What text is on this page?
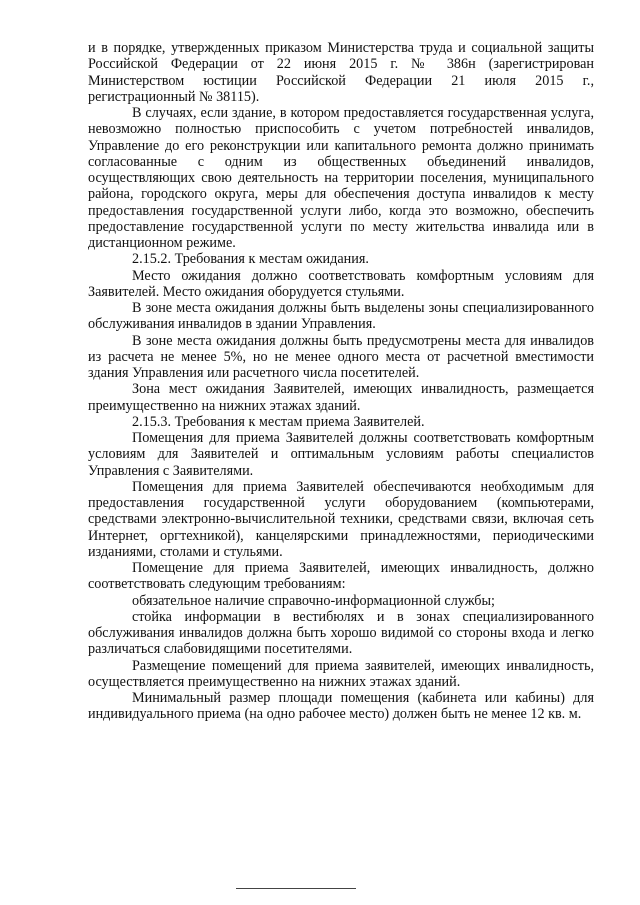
и в порядке, утвержденных приказом Министерства труда и социальной защиты Российской Федерации от 22 июня 2015 г. № 386н (зарегистрирован Министерством юстиции Российской Федерации 21 июля 2015 г., регистрационный № 38115).

В случаях, если здание, в котором предоставляется государственная услуга, невозможно полностью приспособить с учетом потребностей инвалидов, Управление до его реконструкции или капитального ремонта должно принимать согласованные с одним из общественных объединений инвалидов, осуществляющих свою деятельность на территории поселения, муниципального района, городского округа, меры для обеспечения доступа инвалидов к месту предоставления государственной услуги либо, когда это возможно, обеспечить предоставление государственной услуги по месту жительства инвалида или в дистанционном режиме.

2.15.2. Требования к местам ожидания.

Место ожидания должно соответствовать комфортным условиям для Заявителей. Место ожидания оборудуется стульями.

В зоне места ожидания должны быть выделены зоны специализированного обслуживания инвалидов в здании Управления.

В зоне места ожидания должны быть предусмотрены места для инвалидов из расчета не менее 5%, но не менее одного места от расчетной вместимости здания Управления или расчетного числа посетителей.

Зона мест ожидания Заявителей, имеющих инвалидность, размещается преимущественно на нижних этажах зданий.

2.15.3. Требования к местам приема Заявителей.

Помещения для приема Заявителей должны соответствовать комфортным условиям для Заявителей и оптимальным условиям работы специалистов Управления с Заявителями.

Помещения для приема Заявителей обеспечиваются необходимым для предоставления государственной услуги оборудованием (компьютерами, средствами электронно-вычислительной техники, средствами связи, включая сеть Интернет, оргтехникой), канцелярскими принадлежностями, периодическими изданиями, столами и стульями.

Помещение для приема Заявителей, имеющих инвалидность, должно соответствовать следующим требованиям:

обязательное наличие справочно-информационной службы;

стойка информации в вестибюлях и в зонах специализированного обслуживания инвалидов должна быть хорошо видимой со стороны входа и легко различаться слабовидящими посетителями.

Размещение помещений для приема заявителей, имеющих инвалидность, осуществляется преимущественно на нижних этажах зданий.

Минимальный размер площади помещения (кабинета или кабины) для индивидуального приема (на одно рабочее место) должен быть не менее 12 кв. м.
